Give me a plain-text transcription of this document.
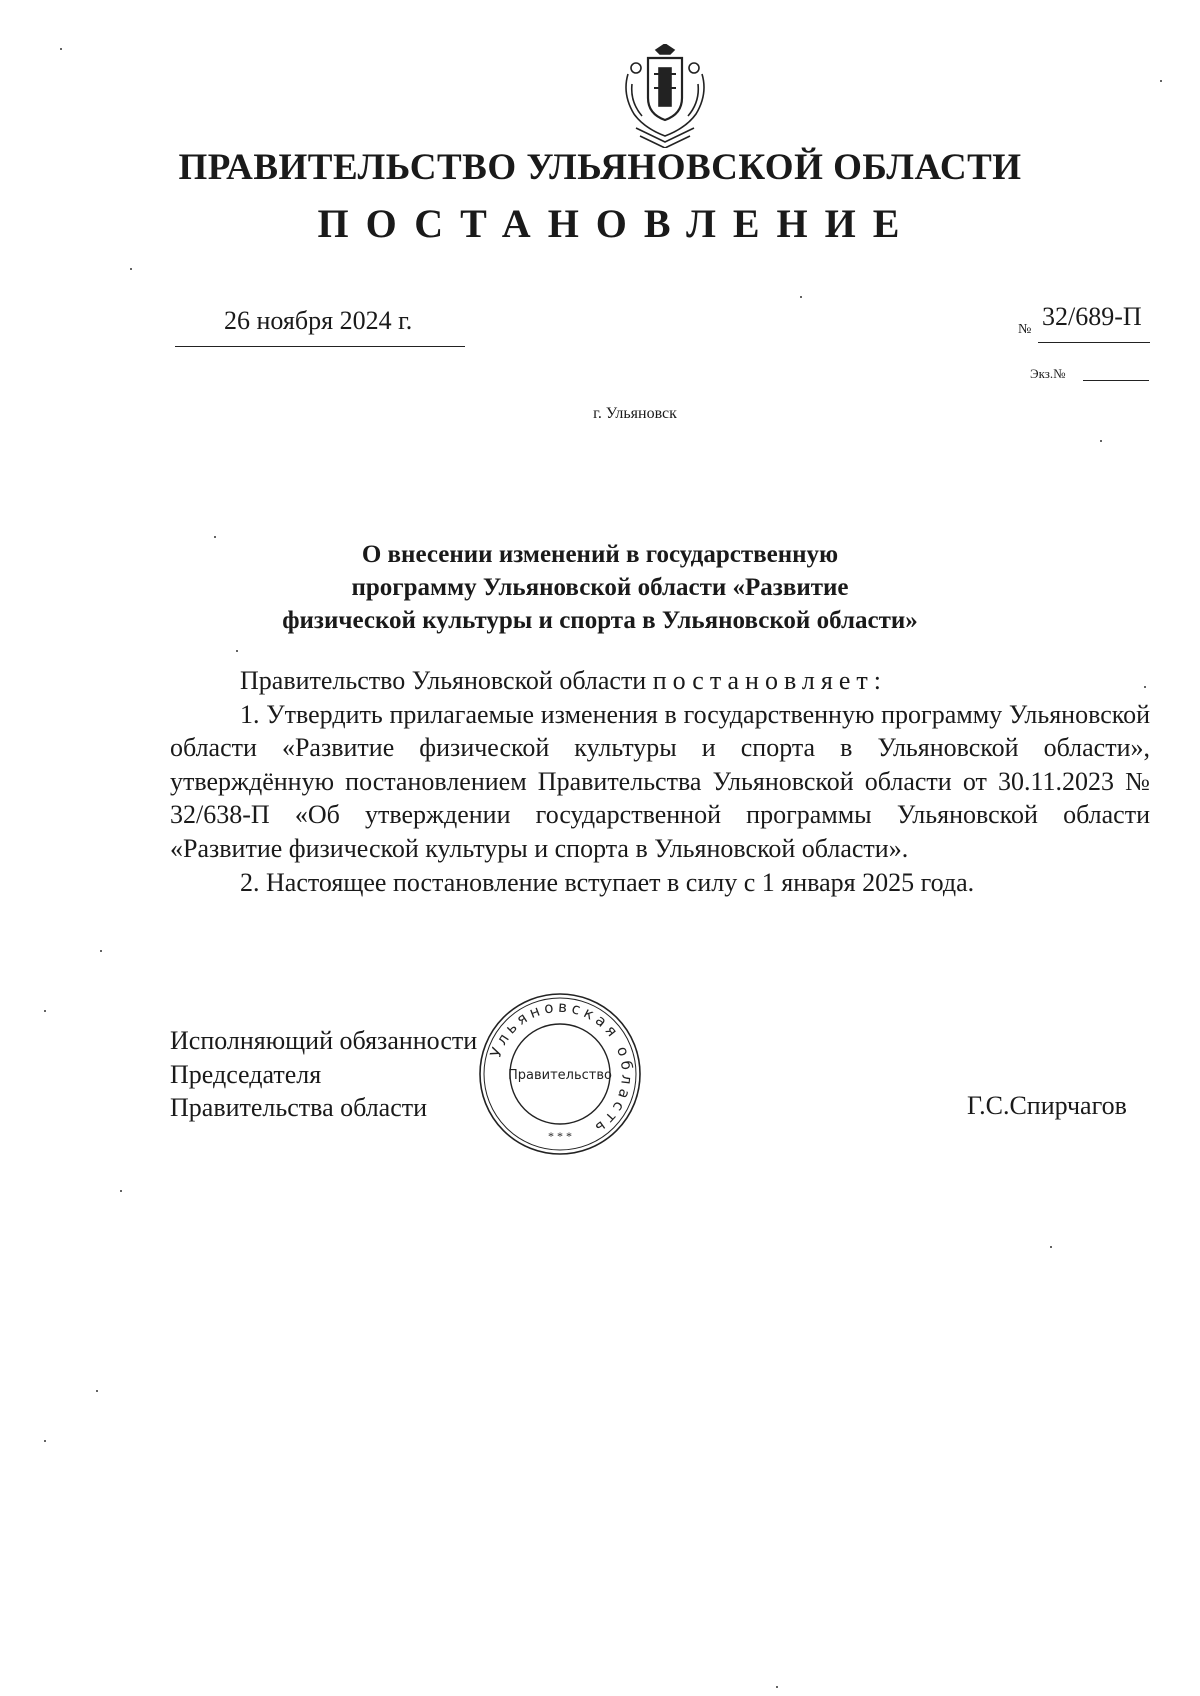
ПРАВИТЕЛЬСТВО УЛЬЯНОВСКОЙ ОБЛАСТИ
ПОСТАНОВЛЕНИЕ
26 ноября 2024 г.	№ 32/689-П
Экз.№
г. Ульяновск
О внесении изменений в государственную
программу Ульяновской области «Развитие
физической культуры и спорта в Ульяновской области»

Правительство Ульяновской области постановляет:

1. Утвердить прилагаемые изменения в государственную программу Ульяновской области «Развитие физической культуры и спорта в Ульяновской области», утверждённую постановлением Правительства Ульяновской области от 30.11.2023 № 32/638-П «Об утверждении государственной программы Ульяновской области «Развитие физической культуры и спорта в Ульяновской области».

2. Настоящее постановление вступает в силу с 1 января 2025 года.

Исполняющий обязанности
Председателя
Правительства области	Г.С.Спирчагов
Ульяновская область
Правительство
* * *
